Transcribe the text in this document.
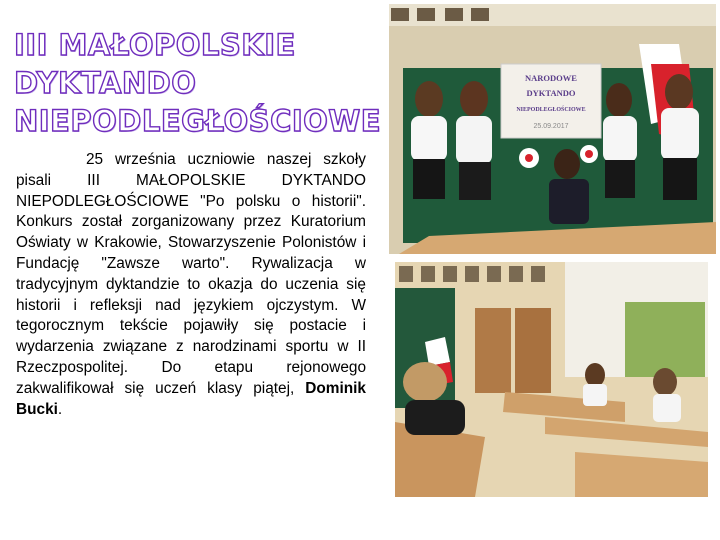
III MAŁOPOLSKIE DYKTANDO
NIEPODLEGŁOŚCIOWE

25 września uczniowie naszej szkoły pisali III MAŁOPOLSKIE DYKTANDO NIEPODLEGŁOŚCIOWE "Po polsku o historii". Konkurs został zorganizowany przez Kuratorium Oświaty w Krakowie, Stowarzyszenie Polonistów i Fundację "Zawsze warto". Rywalizacja w tradycyjnym dyktandzie to okazja do uczenia się historii i refleksji nad językiem ojczystym. W tegorocznym tekście pojawiły się postacie i wydarzenia związane z narodzinami sportu w II Rzeczpospolitej. Do etapu rejonowego zakwalifikował się uczeń klasy piątej, Dominik Bucki.

NARODOWE
DYKTANDO
NIEPODLEGŁOŚCIOWE
25.09.2017
